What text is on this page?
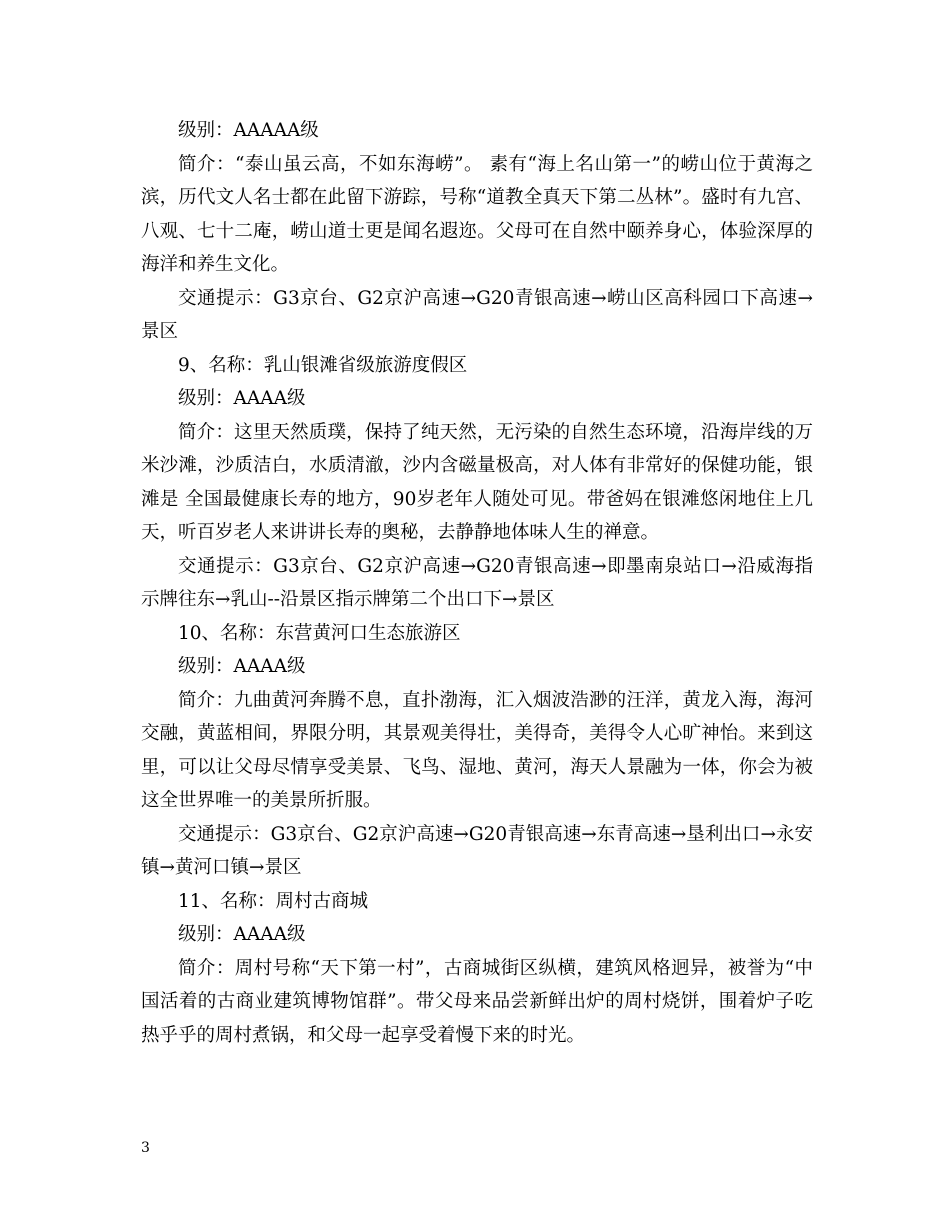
级别：AAAAA级

简介：“泰山虽云高，不如东海崂”。 素有“海上名山第一”的崂山位于黄海之滨，历代文人名士都在此留下游踪，号称“道教全真天下第二丛林”。盛时有九宫、八观、七十二庵，崂山道士更是闻名遐迩。父母可在自然中颐养身心，体验深厚的海洋和养生文化。

交通提示：G3京台、G2京沪高速→G20青银高速→崂山区高科园口下高速→景区

9、名称：乳山银滩省级旅游度假区

级别：AAAA级

简介：这里天然质璞，保持了纯天然，无污染的自然生态环境，沿海岸线的万米沙滩，沙质洁白，水质清澈，沙内含磁量极高，对人体有非常好的保健功能，银滩是 全国最健康长寿的地方，90岁老年人随处可见。带爸妈在银滩悠闲地住上几天，听百岁老人来讲讲长寿的奥秘，去静静地体味人生的禅意。

交通提示：G3京台、G2京沪高速→G20青银高速→即墨南泉站口→沿威海指示牌往东→乳山--沿景区指示牌第二个出口下→景区

10、名称：东营黄河口生态旅游区

级别：AAAA级

简介：九曲黄河奔腾不息，直扑渤海，汇入烟波浩渺的汪洋，黄龙入海，海河交融，黄蓝相间，界限分明，其景观美得壮，美得奇，美得令人心旷神怡。来到这里，可以让父母尽情享受美景、飞鸟、湿地、黄河，海天人景融为一体，你会为被这全世界唯一的美景所折服。

交通提示：G3京台、G2京沪高速→G20青银高速→东青高速→垦利出口→永安镇→黄河口镇→景区

11、名称：周村古商城

级别：AAAA级

简介：周村号称“天下第一村”，古商城街区纵横，建筑风格迥异，被誉为“中国活着的古商业建筑博物馆群”。带父母来品尝新鲜出炉的周村烧饼，围着炉子吃热乎乎的周村煮锅，和父母一起享受着慢下来的时光。

3
